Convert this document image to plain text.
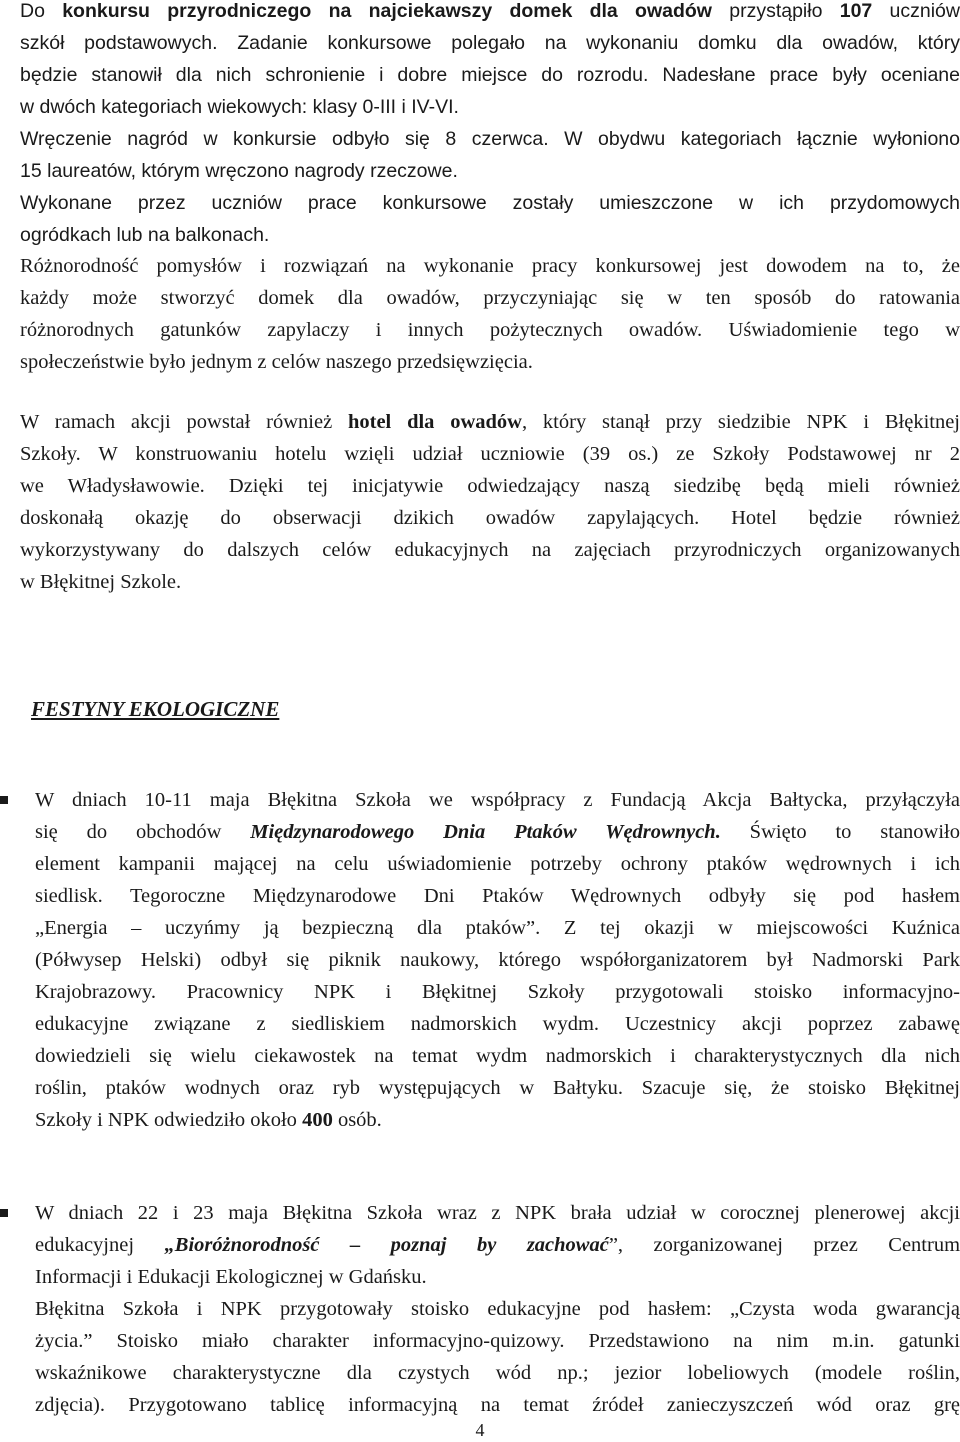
Do konkursu przyrodniczego na najciekawszy domek dla owadów przystąpiło 107 uczniów
szkół podstawowych. Zadanie konkursowe polegało na wykonaniu domku dla owadów, który
będzie stanowił dla nich schronienie i dobre miejsce do rozrodu. Nadesłane prace były oceniane
w dwóch kategoriach wiekowych: klasy 0-III i IV-VI.
Wręczenie nagród w konkursie odbyło się 8 czerwca. W obydwu kategoriach łącznie wyłoniono
15 laureatów, którym wręczono nagrody rzeczowe.
Wykonane przez uczniów prace konkursowe zostały umieszczone w ich przydomowych
ogródkach lub na balkonach.
Różnorodność pomysłów i rozwiązań na wykonanie pracy konkursowej jest dowodem na to, że
każdy może stworzyć domek dla owadów, przyczyniając się w ten sposób do ratowania
różnorodnych gatunków zapylaczy i innych pożytecznych owadów. Uświadomienie tego w
społeczeństwie było jednym z celów naszego przedsięwzięcia.
W ramach akcji powstał również hotel dla owadów, który stanął przy siedzibie NPK i Błękitnej
Szkoły. W konstruowaniu hotelu wzięli udział uczniowie (39 os.) ze Szkoły Podstawowej nr 2
we Władysławowie. Dzięki tej inicjatywie odwiedzający naszą siedzibę będą mieli również
doskonałą okazję do obserwacji dzikich owadów zapylających. Hotel będzie również
wykorzystywany do dalszych celów edukacyjnych na zajęciach przyrodniczych organizowanych
w Błękitnej Szkole.
FESTYNY EKOLOGICZNE
W dniach 10-11 maja Błękitna Szkoła we współpracy z Fundacją Akcja Bałtycka, przyłączyła
się do obchodów Międzynarodowego Dnia Ptaków Wędrownych. Święto to stanowiło
element kampanii mającej na celu uświadomienie potrzeby ochrony ptaków wędrownych i ich
siedlisk. Tegoroczne Międzynarodowe Dni Ptaków Wędrownych odbyły się pod hasłem
„Energia – uczyńmy ją bezpieczną dla ptaków”. Z tej okazji w miejscowości Kuźnica
(Półwysep Helski) odbył się piknik naukowy, którego współorganizatorem był Nadmorski Park
Krajobrazowy. Pracownicy NPK i Błękitnej Szkoły przygotowali stoisko informacyjno-
edukacyjne związane z siedliskiem nadmorskich wydm. Uczestnicy akcji poprzez zabawę
dowiedzieli się wielu ciekawostek na temat wydm nadmorskich i charakterystycznych dla nich
roślin, ptaków wodnych oraz ryb występujących w Bałtyku. Szacuje się, że stoisko Błękitnej
Szkoły i NPK odwiedziło około 400 osób.
W dniach 22 i 23 maja Błękitna Szkoła wraz z NPK brała udział w corocznej plenerowej akcji
edukacyjnej „Bioróżnorodność – poznaj by zachować”, zorganizowanej przez Centrum
Informacji i Edukacji Ekologicznej w Gdańsku.
Błękitna Szkoła i NPK przygotowały stoisko edukacyjne pod hasłem: „Czysta woda gwarancją
życia.” Stoisko miało charakter informacyjno-quizowy. Przedstawiono na nim m.in. gatunki
wskaźnikowe charakterystyczne dla czystych wód np.; jezior lobeliowych (modele roślin,
zdjęcia). Przygotowano tablicę informacyjną na temat źródeł zanieczyszczeń wód oraz grę
4
